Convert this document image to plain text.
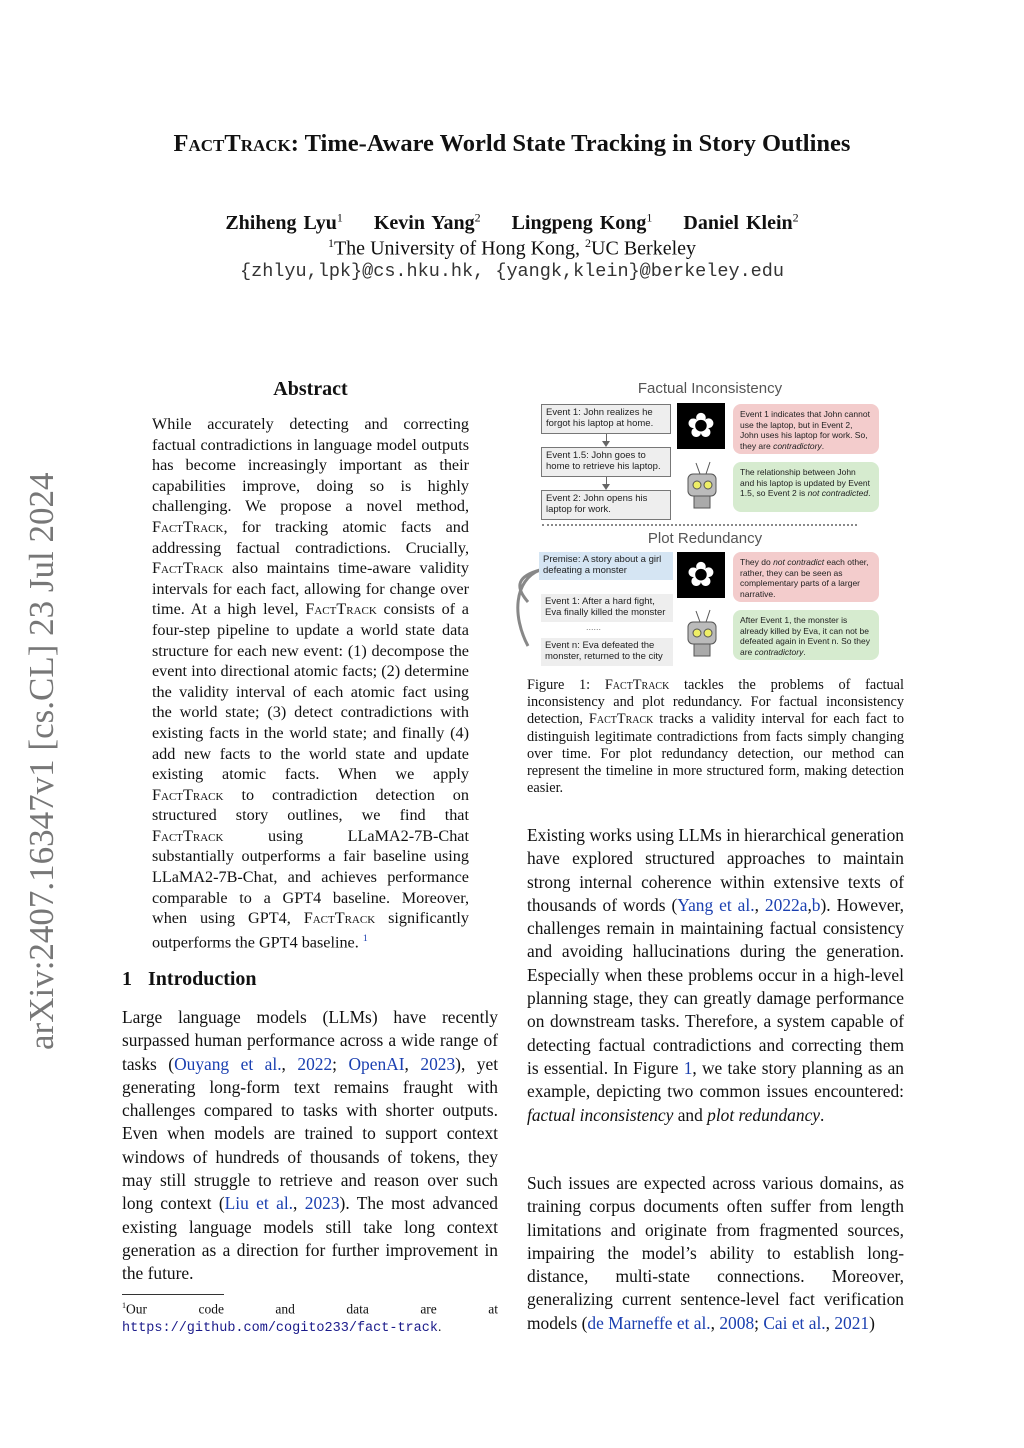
FactTrack: Time-Aware World State Tracking in Story Outlines
Zhiheng Lyu$^1$ Kevin Yang$^2$ Lingpeng Kong$^1$ Daniel Klein$^2$
$^1$The University of Hong Kong, $^2$UC Berkeley
{zhlyu,lpk}@cs.hku.hk, {yangk,klein}@berkeley.edu
arXiv:2407.16347v1 [cs.CL] 23 Jul 2024
Abstract

While accurately detecting and correcting factual contradictions in language model outputs has become increasingly important as their capabilities improve, doing so is highly challenging. We propose a novel method, FactTrack, for tracking atomic facts and addressing factual contradictions. Crucially, FactTrack also maintains time-aware validity intervals for each fact, allowing for change over time. At a high level, FactTrack consists of a four-step pipeline to update a world state data structure for each new event: (1) decompose the event into directional atomic facts; (2) determine the validity interval of each atomic fact using the world state; (3) detect contradictions with existing facts in the world state; and finally (4) add new facts to the world state and update existing atomic facts. When we apply FactTrack to contradiction detection on structured story outlines, we find that FactTrack using LLaMA2-7B-Chat substantially outperforms a fair baseline using LLaMA2-7B-Chat, and achieves performance comparable to a GPT4 baseline. Moreover, when using GPT4, FactTrack significantly outperforms the GPT4 baseline. $^1$

1 Introduction

Large language models (LLMs) have recently surpassed human performance across a wide range of tasks (Ouyang et al., 2022; OpenAI, 2023), yet generating long-form text remains fraught with challenges compared to tasks with shorter outputs. Even when models are trained to support context windows of hundreds of thousands of tokens, they may still struggle to retrieve and reason over such long context (Liu et al., 2023). The most advanced existing language models still take long context generation as a direction for further improvement in the future.

$^1$Our code and data are at https://github.com/cogito233/fact-track.
Factual Inconsistency
Event 1: John realizes he forgot his laptop at home.
Event 1.5: John goes to home to retrieve his laptop.
Event 2: John opens his laptop for work.
✿	Event 1 indicates that John cannot use the laptop, but in Event 2, John uses his laptop for work. So, they are contradictory.
The relationship between John and his laptop is updated by Event 1.5, so Event 2 is not contradicted.
Plot Redundancy
Premise: A story about a girl defeating a monster
Event 1: After a hard fight, Eva finally killed the monster
......
Event n: Eva defeated the monster, returned to the city
✿	They do not contradict each other, rather, they can be seen as complementary parts of a larger narrative.
After Event 1, the monster is already killed by Eva, it can not be defeated again in Event n. So they are contradictory.

Figure 1: FactTrack tackles the problems of factual inconsistency and plot redundancy. For factual inconsistency detection, FactTrack tracks a validity interval for each fact to distinguish legitimate contradictions from facts simply changing over time. For plot redundancy detection, our method can represent the timeline in more structured form, making detection easier.

Existing works using LLMs in hierarchical generation have explored structured approaches to maintain strong internal coherence within extensive texts of thousands of words (Yang et al., 2022a,b). However, challenges remain in maintaining factual consistency and avoiding hallucinations during the generation. Especially when these problems occur in a high-level planning stage, they can greatly damage performance on downstream tasks. Therefore, a system capable of detecting factual contradictions and correcting them is essential. In Figure 1, we take story planning as an example, depicting two common issues encountered: factual inconsistency and plot redundancy.

Such issues are expected across various domains, as training corpus documents often suffer from length limitations and originate from fragmented sources, impairing the model’s ability to establish long-distance, multi-state connections. Moreover, generalizing current sentence-level fact verification models (de Marneffe et al., 2008; Cai et al., 2021)
